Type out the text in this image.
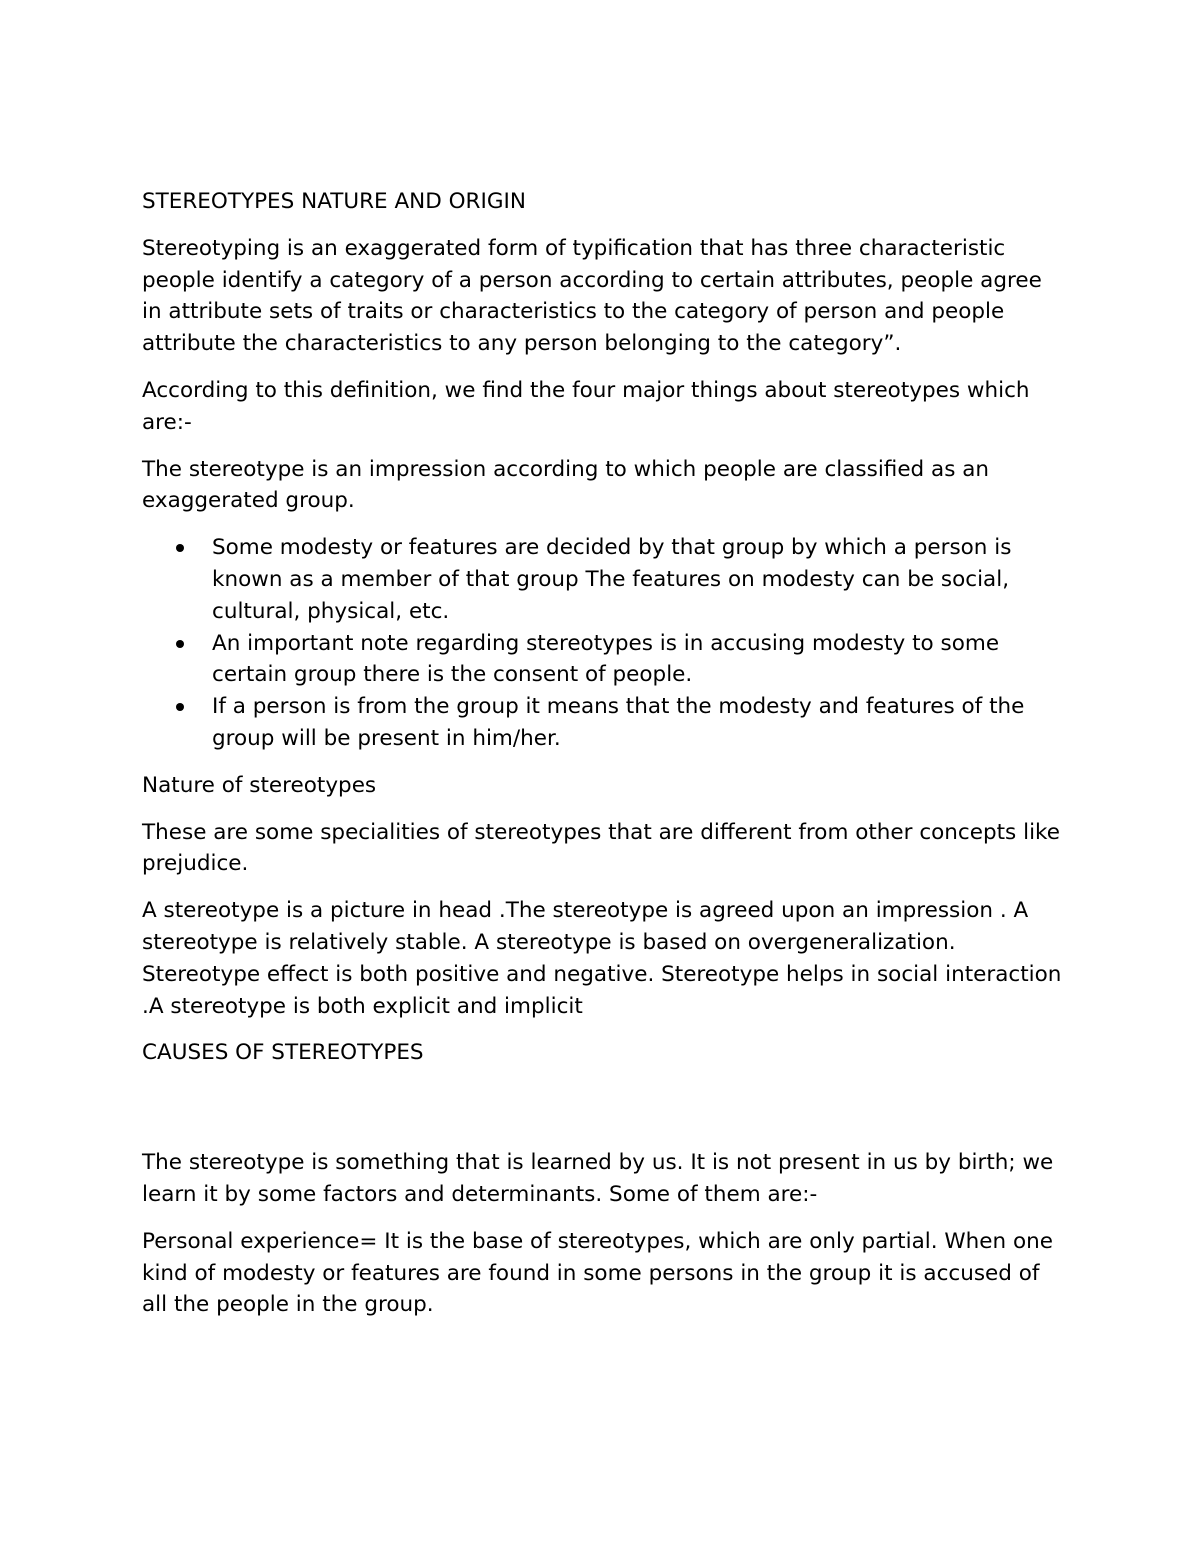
STEREOTYPES NATURE AND ORIGIN

Stereotyping is an exaggerated form of typification that has three characteristic people identify a category of a person according to certain attributes, people agree in attribute sets of traits or characteristics to the category of person and people attribute the characteristics to any person belonging to the category”.

According to this definition, we find the four major things about stereotypes which are:-

The stereotype is an impression according to which people are classified as an exaggerated group.

Some modesty or features are decided by that group by which a person is known as a member of that group The features on modesty can be social, cultural, physical, etc.
An important note regarding stereotypes is in accusing modesty to some certain group there is the consent of people.
If a person is from the group it means that the modesty and features of the group will be present in him/her.
Nature of stereotypes

These are some specialities of stereotypes that are different from other concepts like prejudice.

A stereotype is a picture in head .The stereotype is agreed upon an impression . A stereotype is relatively stable. A stereotype is based on overgeneralization. Stereotype effect is both positive and negative. Stereotype helps in social interaction .A stereotype is both explicit and implicit

CAUSES OF STEREOTYPES

The stereotype is something that is learned by us. It is not present in us by birth; we learn it by some factors and determinants. Some of them are:-

Personal experience= It is the base of stereotypes, which are only partial. When one kind of modesty or features are found in some persons in the group it is accused of all the people in the group.
